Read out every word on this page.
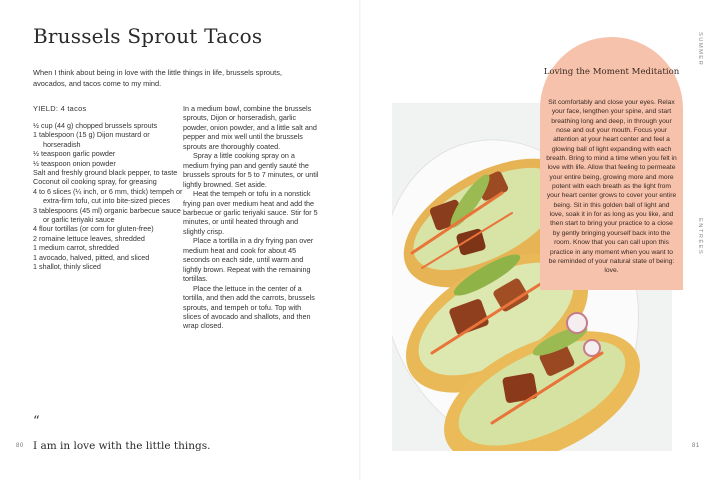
Brussels Sprout Tacos
When I think about being in love with the little things in life, brussels sprouts, avocados, and tacos come to my mind.
YIELD: 4 tacos
½ cup (44 g) chopped brussels sprouts
1 tablespoon (15 g) Dijon mustard or horseradish
½ teaspoon garlic powder
½ teaspoon onion powder
Salt and freshly ground black pepper, to taste
Coconut oil cooking spray, for greasing
4 to 6 slices (¼ inch, or 6 mm, thick) tempeh or extra-firm tofu, cut into bite-sized pieces
3 tablespoons (45 ml) organic barbecue sauce or garlic teriyaki sauce
4 flour tortillas (or corn for gluten-free)
2 romaine lettuce leaves, shredded
1 medium carrot, shredded
1 avocado, halved, pitted, and sliced
1 shallot, thinly sliced

In a medium bowl, combine the brussels sprouts, Dijon or horseradish, garlic powder, onion powder, and a little salt and pepper and mix well until the brussels sprouts are thoroughly coated.

Spray a little cooking spray on a medium frying pan and gently sauté the brussels sprouts for 5 to 7 minutes, or until lightly browned. Set aside.

Heat the tempeh or tofu in a nonstick frying pan over medium heat and add the barbecue or garlic teriyaki sauce. Stir for 5 minutes, or until heated through and slightly crisp.

Place a tortilla in a dry frying pan over medium heat and cook for about 45 seconds on each side, until warm and lightly brown. Repeat with the remaining tortillas.

Place the lettuce in the center of a tortilla, and then add the carrots, brussels sprouts, and tempeh or tofu. Top with slices of avocado and shallots, and then wrap closed.

“
I am in love with the little things.
80
SUMMER
ENTRÉES
Loving the Moment Meditation
Sit comfortably and close your eyes. Relax your face, lengthen your spine, and start breathing long and deep, in through your nose and out your mouth. Focus your attention at your heart center and feel a glowing ball of light expanding with each breath. Bring to mind a time when you felt in love with life. Allow that feeling to permeate your entire being, growing more and more potent with each breath as the light from your heart center grows to cover your entire being. Sit in this golden ball of light and love, soak it in for as long as you like, and then start to bring your practice to a close by gently bringing yourself back into the room. Know that you can call upon this practice in any moment when you want to be reminded of your natural state of being: love.
81
